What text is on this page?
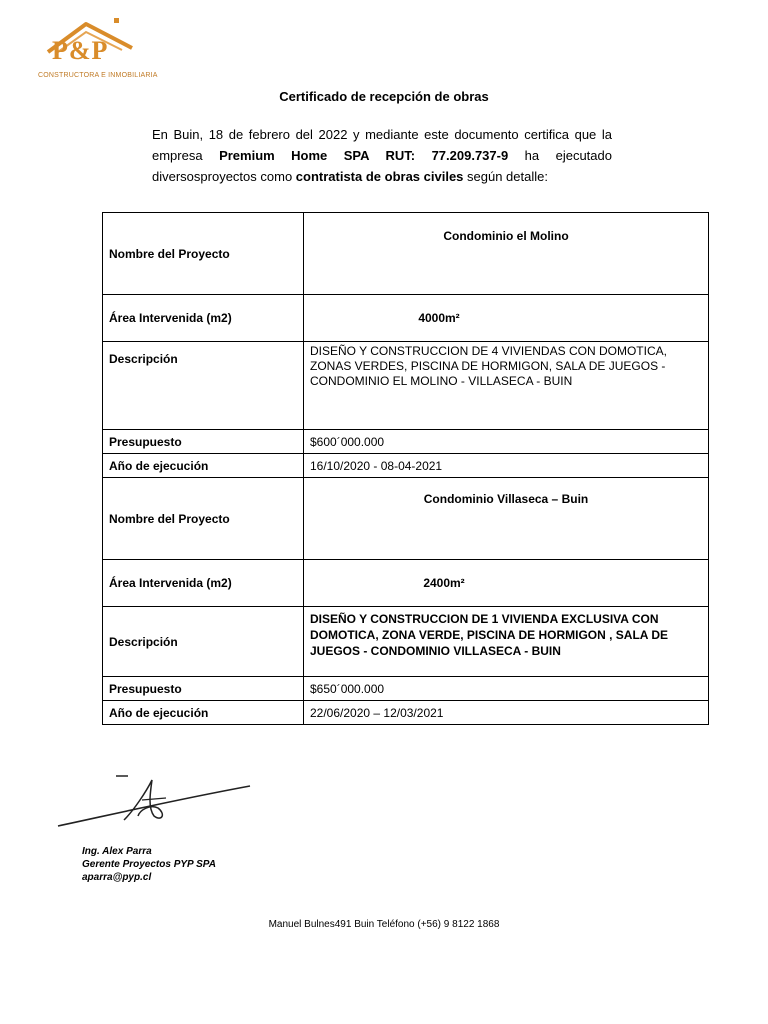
P&P
CONSTRUCTORA E INMOBILIARIA
Certificado de recepción de obras

En Buin, 18 de febrero del 2022 y mediante este documento certifica que la empresa Premium Home SPA RUT: 77.209.737-9 ha ejecutado diversosproyectos como contratista de obras civiles según detalle:

Nombre del Proyecto	Condominio el Molino
Área Intervenida (m2)	4000m²
Descripción	DISEÑO Y CONSTRUCCION DE 4 VIVIENDAS CON DOMOTICA, ZONAS VERDES, PISCINA DE HORMIGON, SALA DE JUEGOS - CONDOMINIO EL MOLINO - VILLASECA - BUIN
Presupuesto	$600´000.000
Año de ejecución	16/10/2020 - 08-04-2021
Nombre del Proyecto	Condominio Villaseca – Buin
Área Intervenida (m2)	2400m²
Descripción	DISEÑO Y CONSTRUCCION DE 1 VIVIENDA EXCLUSIVA CON DOMOTICA, ZONA VERDE, PISCINA DE HORMIGON , SALA DE JUEGOS - CONDOMINIO VILLASECA - BUIN
Presupuesto	$650´000.000
Año de ejecución	22/06/2020 – 12/03/2021
Ing. Alex Parra
Gerente Proyectos PYP SPA
aparra@pyp.cl
Manuel Bulnes491 Buin Teléfono (+56) 9 8122 1868
